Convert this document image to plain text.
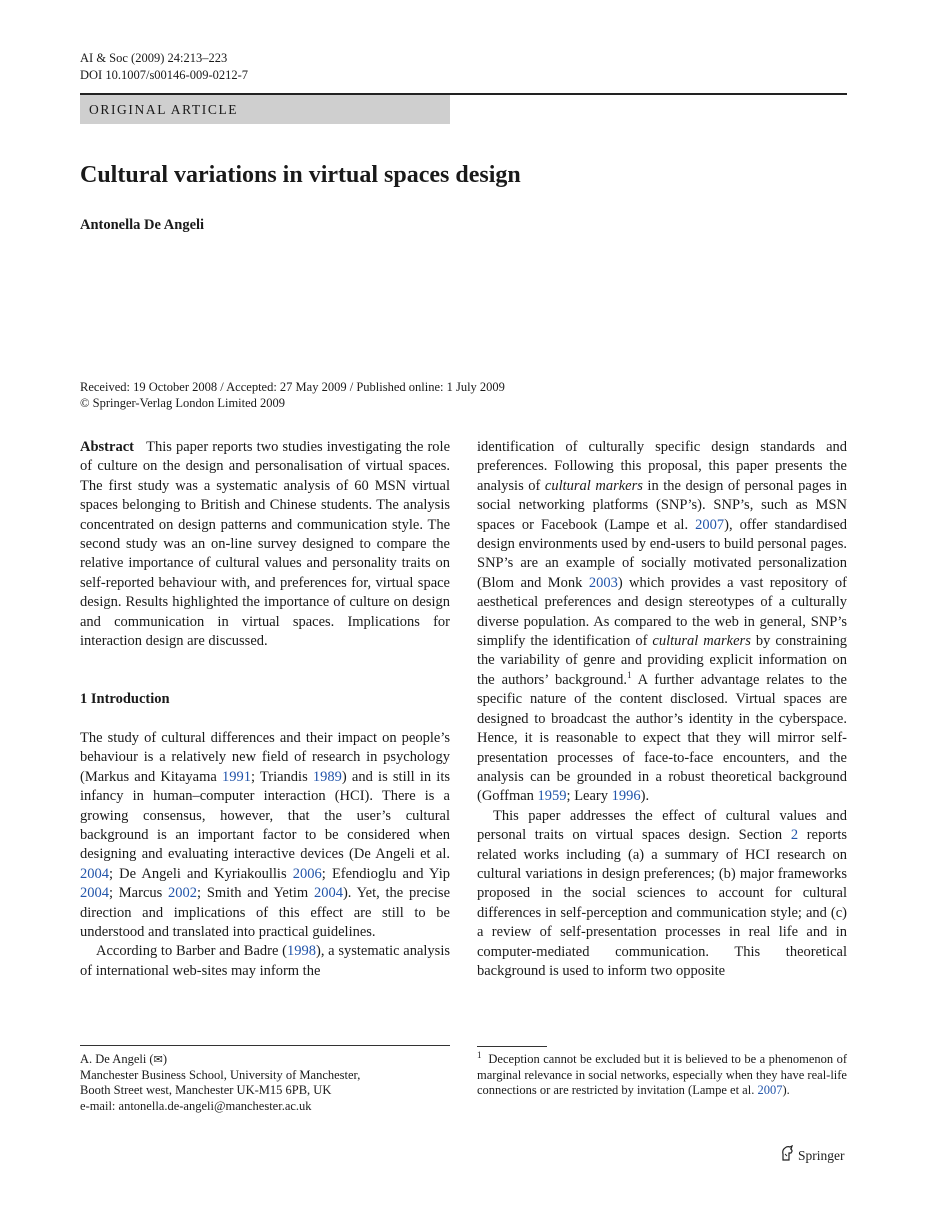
AI & Soc (2009) 24:213–223
DOI 10.1007/s00146-009-0212-7
ORIGINAL ARTICLE
Cultural variations in virtual spaces design
Antonella De Angeli
Received: 19 October 2008 / Accepted: 27 May 2009 / Published online: 1 July 2009
© Springer-Verlag London Limited 2009

Abstract This paper reports two studies investigating the role of culture on the design and personalisation of virtual spaces. The first study was a systematic analysis of 60 MSN virtual spaces belonging to British and Chinese students. The analysis concentrated on design patterns and communication style. The second study was an on-line survey designed to compare the relative importance of cultural values and personality traits on self-reported behaviour with, and preferences for, virtual space design. Results highlighted the importance of culture on design and communication in virtual spaces. Implications for interaction design are discussed.

1 Introduction

The study of cultural differences and their impact on people’s behaviour is a relatively new field of research in psychology (Markus and Kitayama 1991; Triandis 1989) and is still in its infancy in human–computer interaction (HCI). There is a growing consensus, however, that the user’s cultural background is an important factor to be considered when designing and evaluating interactive devices (De Angeli et al. 2004; De Angeli and Kyriakoullis 2006; Efendioglu and Yip 2004; Marcus 2002; Smith and Yetim 2004). Yet, the precise direction and implications of this effect are still to be understood and translated into practical guidelines.

According to Barber and Badre (1998), a systematic analysis of international web-sites may inform the

identification of culturally specific design standards and preferences. Following this proposal, this paper presents the analysis of cultural markers in the design of personal pages in social networking platforms (SNP’s). SNP’s, such as MSN spaces or Facebook (Lampe et al. 2007), offer standardised design environments used by end-users to build personal pages. SNP’s are an example of socially motivated personalization (Blom and Monk 2003) which provides a vast repository of aesthetical preferences and design stereotypes of a culturally diverse population. As compared to the web in general, SNP’s simplify the identification of cultural markers by constraining the variability of genre and providing explicit information on the authors’ background.$^1$ A further advantage relates to the specific nature of the content disclosed. Virtual spaces are designed to broadcast the author’s identity in the cyberspace. Hence, it is reasonable to expect that they will mirror self-presentation processes of face-to-face encounters, and the analysis can be grounded in a robust theoretical background (Goffman 1959; Leary 1996).

This paper addresses the effect of cultural values and personal traits on virtual spaces design. Section 2 reports related works including (a) a summary of HCI research on cultural variations in design preferences; (b) major frameworks proposed in the social sciences to account for cultural differences in self-perception and communication style; and (c) a review of self-presentation processes in real life and in computer-mediated communication. This theoretical background is used to inform two opposite

A. De Angeli (✉)
Manchester Business School, University of Manchester,
Booth Street west, Manchester UK-M15 6PB, UK
e-mail: antonella.de-angeli@manchester.ac.uk
$^1$ Deception cannot be excluded but it is believed to be a phenomenon of marginal relevance in social networks, especially when they have real-life connections or are restricted by invitation (Lampe et al. 2007).
Springer
